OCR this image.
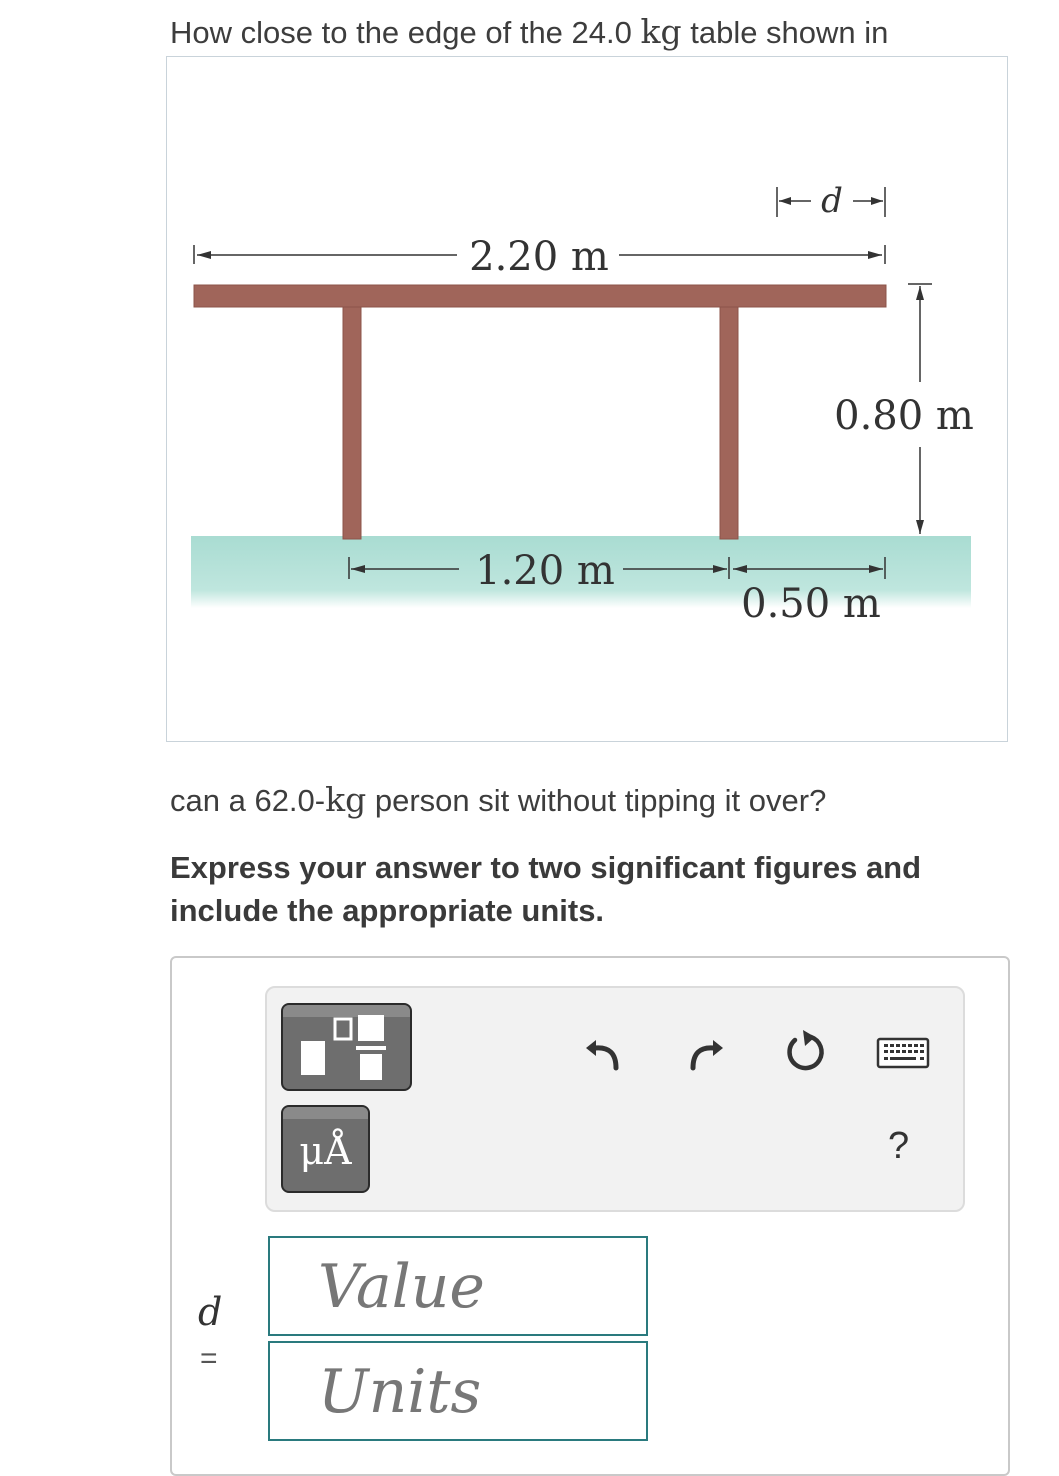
How close to the edge of the 24.0 kg table shown in
2.20 m
d
0.80 m
1.20 m
0.50 m
can a 62.0-kg person sit without tipping it over?
Express your answer to two significant figures and include the appropriate units.
μÅ	?
d
=
Value
Units
